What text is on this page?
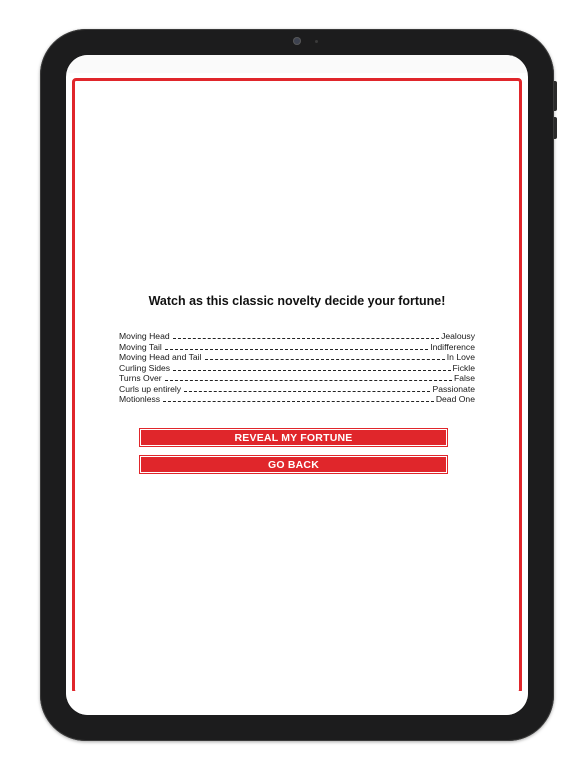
Watch as this classic novelty decide your fortune!
Moving Head	Jealousy
Moving Tail	Indifference
Moving Head and Tail	In Love
Curling Sides	Fickle
Turns Over	False
Curls up entirely	Passionate
Motionless	Dead One
REVEAL MY FORTUNE
GO BACK
